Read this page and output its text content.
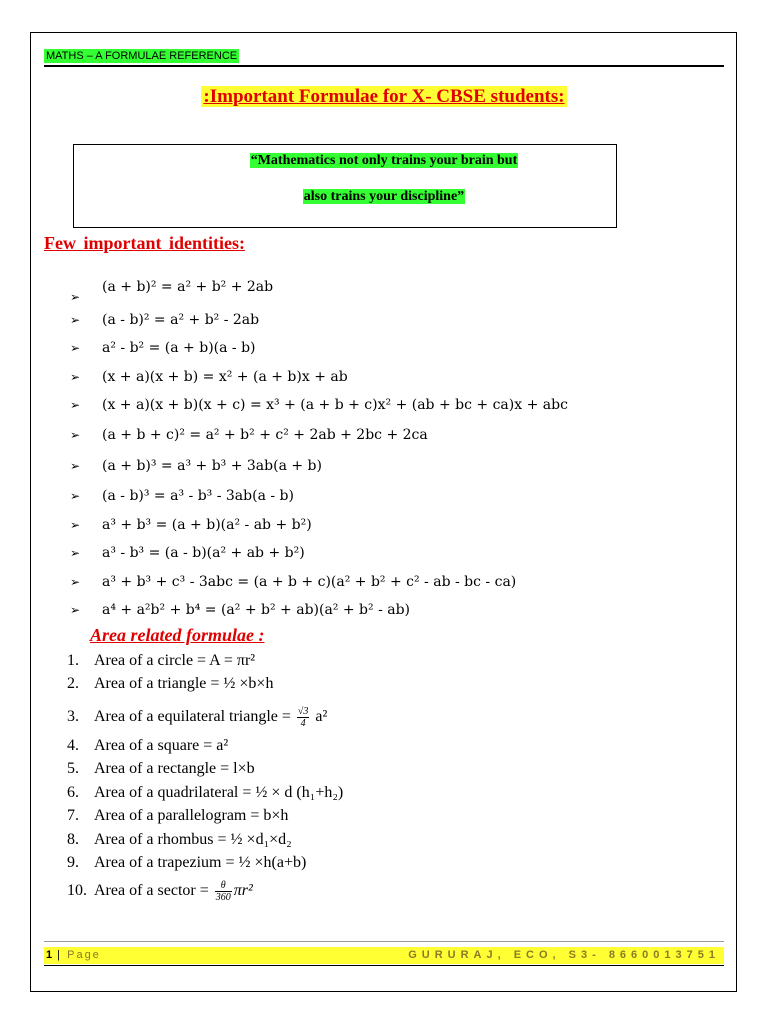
MATHS – A FORMULAE REFERENCE
:Important Formulae for X- CBSE students:
“Mathematics not only trains your brain but
also trains your discipline”
Few important identities:
➢
(a + b)² = a² + b² + 2ab
➢	(a - b)² = a² + b² - 2ab
➢	a² - b² = (a + b)(a - b)
➢	(x + a)(x + b) = x² + (a + b)x + ab
➢	(x + a)(x + b)(x + c) = x³ + (a + b + c)x² + (ab + bc + ca)x + abc
➢	(a + b + c)² = a² + b² + c² + 2ab + 2bc + 2ca
➢	(a + b)³ = a³ + b³ + 3ab(a + b)
➢	(a - b)³ = a³ - b³ - 3ab(a - b)
➢	a³ + b³ = (a + b)(a² - ab + b²)
➢	a³ - b³ = (a - b)(a² + ab + b²)
➢	a³ + b³ + c³ - 3abc = (a + b + c)(a² + b² + c² - ab - bc - ca)
➢	a⁴ + a²b² + b⁴ = (a² + b² + ab)(a² + b² - ab)
Area related formulae :
1. Area of a circle = A = πr²
2. Area of a triangle = ½ ×b×h
3. Area of a equilateral triangle = $\frac{√3}{4} a^2$
4. Area of a square = a²
5. Area of a rectangle = l×b
6. Area of a quadrilateral = ½ × d (h₁+h₂)
7. Area of a parallelogram = b×h
8. Area of a rhombus = ½ ×d₁×d₂
9. Area of a trapezium = ½ ×h(a+b)
10. Area of a sector = $\frac{\theta}{360} \pi r^2$
1 | Page	GURURAJ, ECO, S3- 8660013751
